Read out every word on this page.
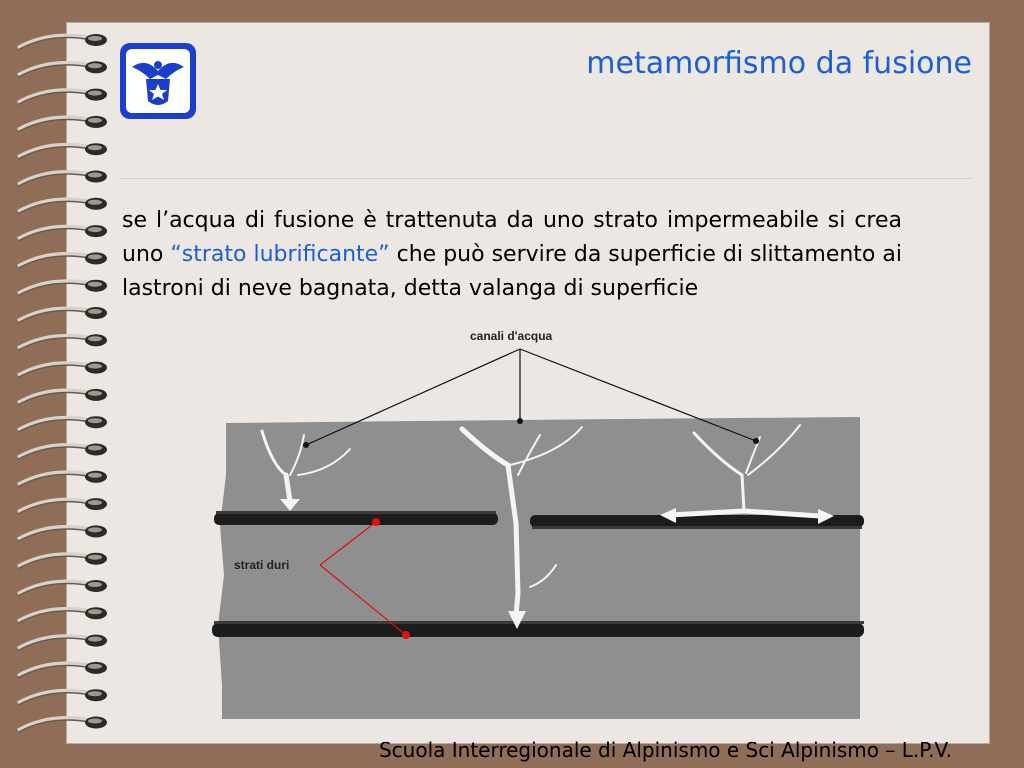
metamorfismo da fusione
se l’acqua di fusione è trattenuta da uno strato impermeabile si crea uno “strato lubrificante” che può servire da superficie di slittamento ai lastroni di neve bagnata, detta valanga di superficie
canali d'acqua
strati duri
Scuola Interregionale di Alpinismo e Sci Alpinismo – L.P.V.
